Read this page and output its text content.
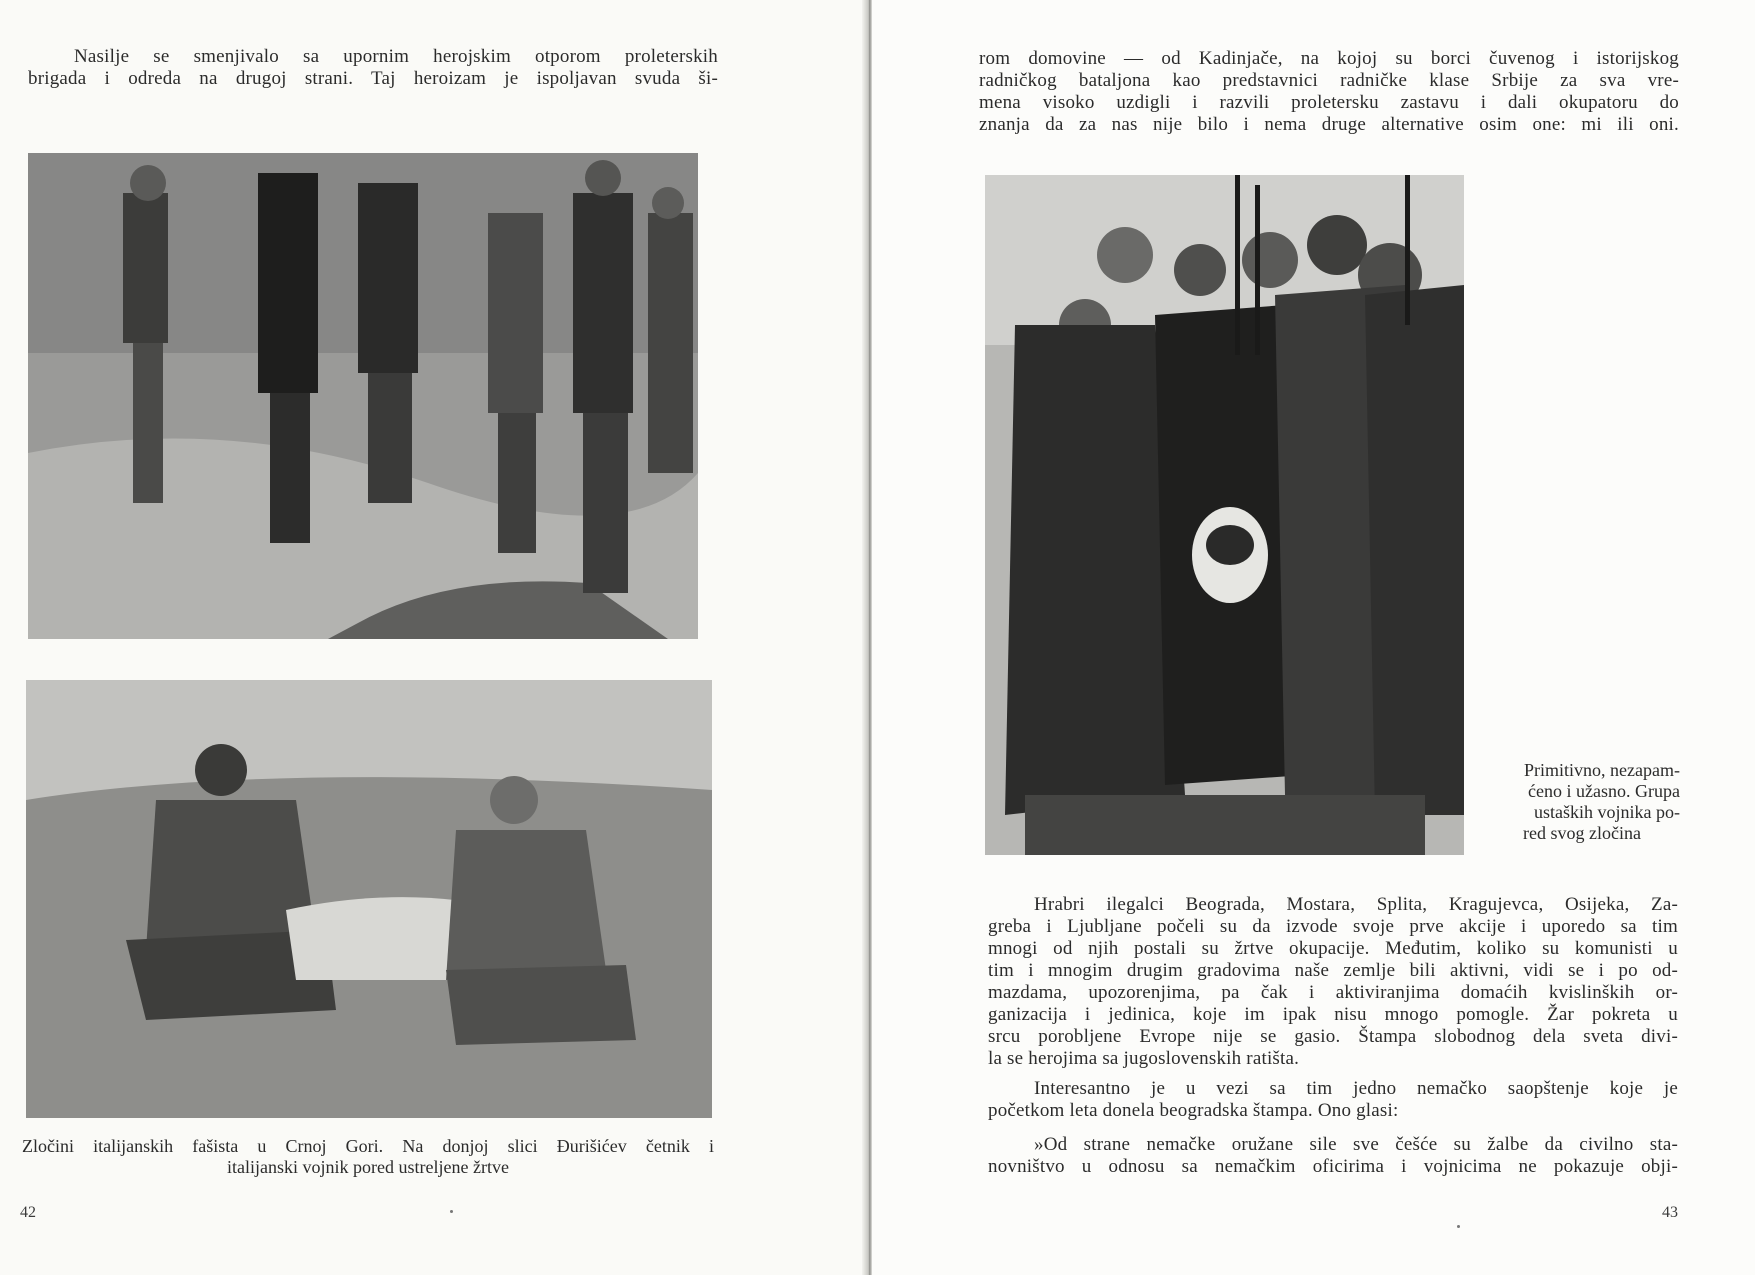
Nasilje se smenjivalo sa upornim herojskim otporom proleterskih

brigada i odreda na drugoj strani. Taj heroizam je ispoljavan svuda ši-

Zločini italijanskih fašista u Crnoj Gori. Na donjoj slici Đurišićev četnik i
italijanski vojnik pored ustreljene žrtve
42

rom domovine — od Kadinjače, na kojoj su borci čuvenog i istorijskog

radničkog bataljona kao predstavnici radničke klase Srbije za sva vre-

mena visoko uzdigli i razvili proletersku zastavu i dali okupatoru do

znanja da za nas nije bilo i nema druge alternative osim one: mi ili oni.

Primitivno, nezapam-
ćeno i užasno. Grupa
ustaških vojnika po-
red svog zločina

Hrabri ilegalci Beograda, Mostara, Splita, Kragujevca, Osijeka, Za-

greba i Ljubljane počeli su da izvode svoje prve akcije i uporedo sa tim

mnogi od njih postali su žrtve okupacije. Međutim, koliko su komunisti u

tim i mnogim drugim gradovima naše zemlje bili aktivni, vidi se i po od-

mazdama, upozorenjima, pa čak i aktiviranjima domaćih kvislinških or-

ganizacija i jedinica, koje im ipak nisu mnogo pomogle. Žar pokreta u

srcu porobljene Evrope nije se gasio. Štampa slobodnog dela sveta divi-

la se herojima sa jugoslovenskih ratišta.

Interesantno je u vezi sa tim jedno nemačko saopštenje koje je

početkom leta donela beogradska štampa. Ono glasi:

»Od strane nemačke oružane sile sve češće su žalbe da civilno sta-

novništvo u odnosu sa nemačkim oficirima i vojnicima ne pokazuje obji-

43
